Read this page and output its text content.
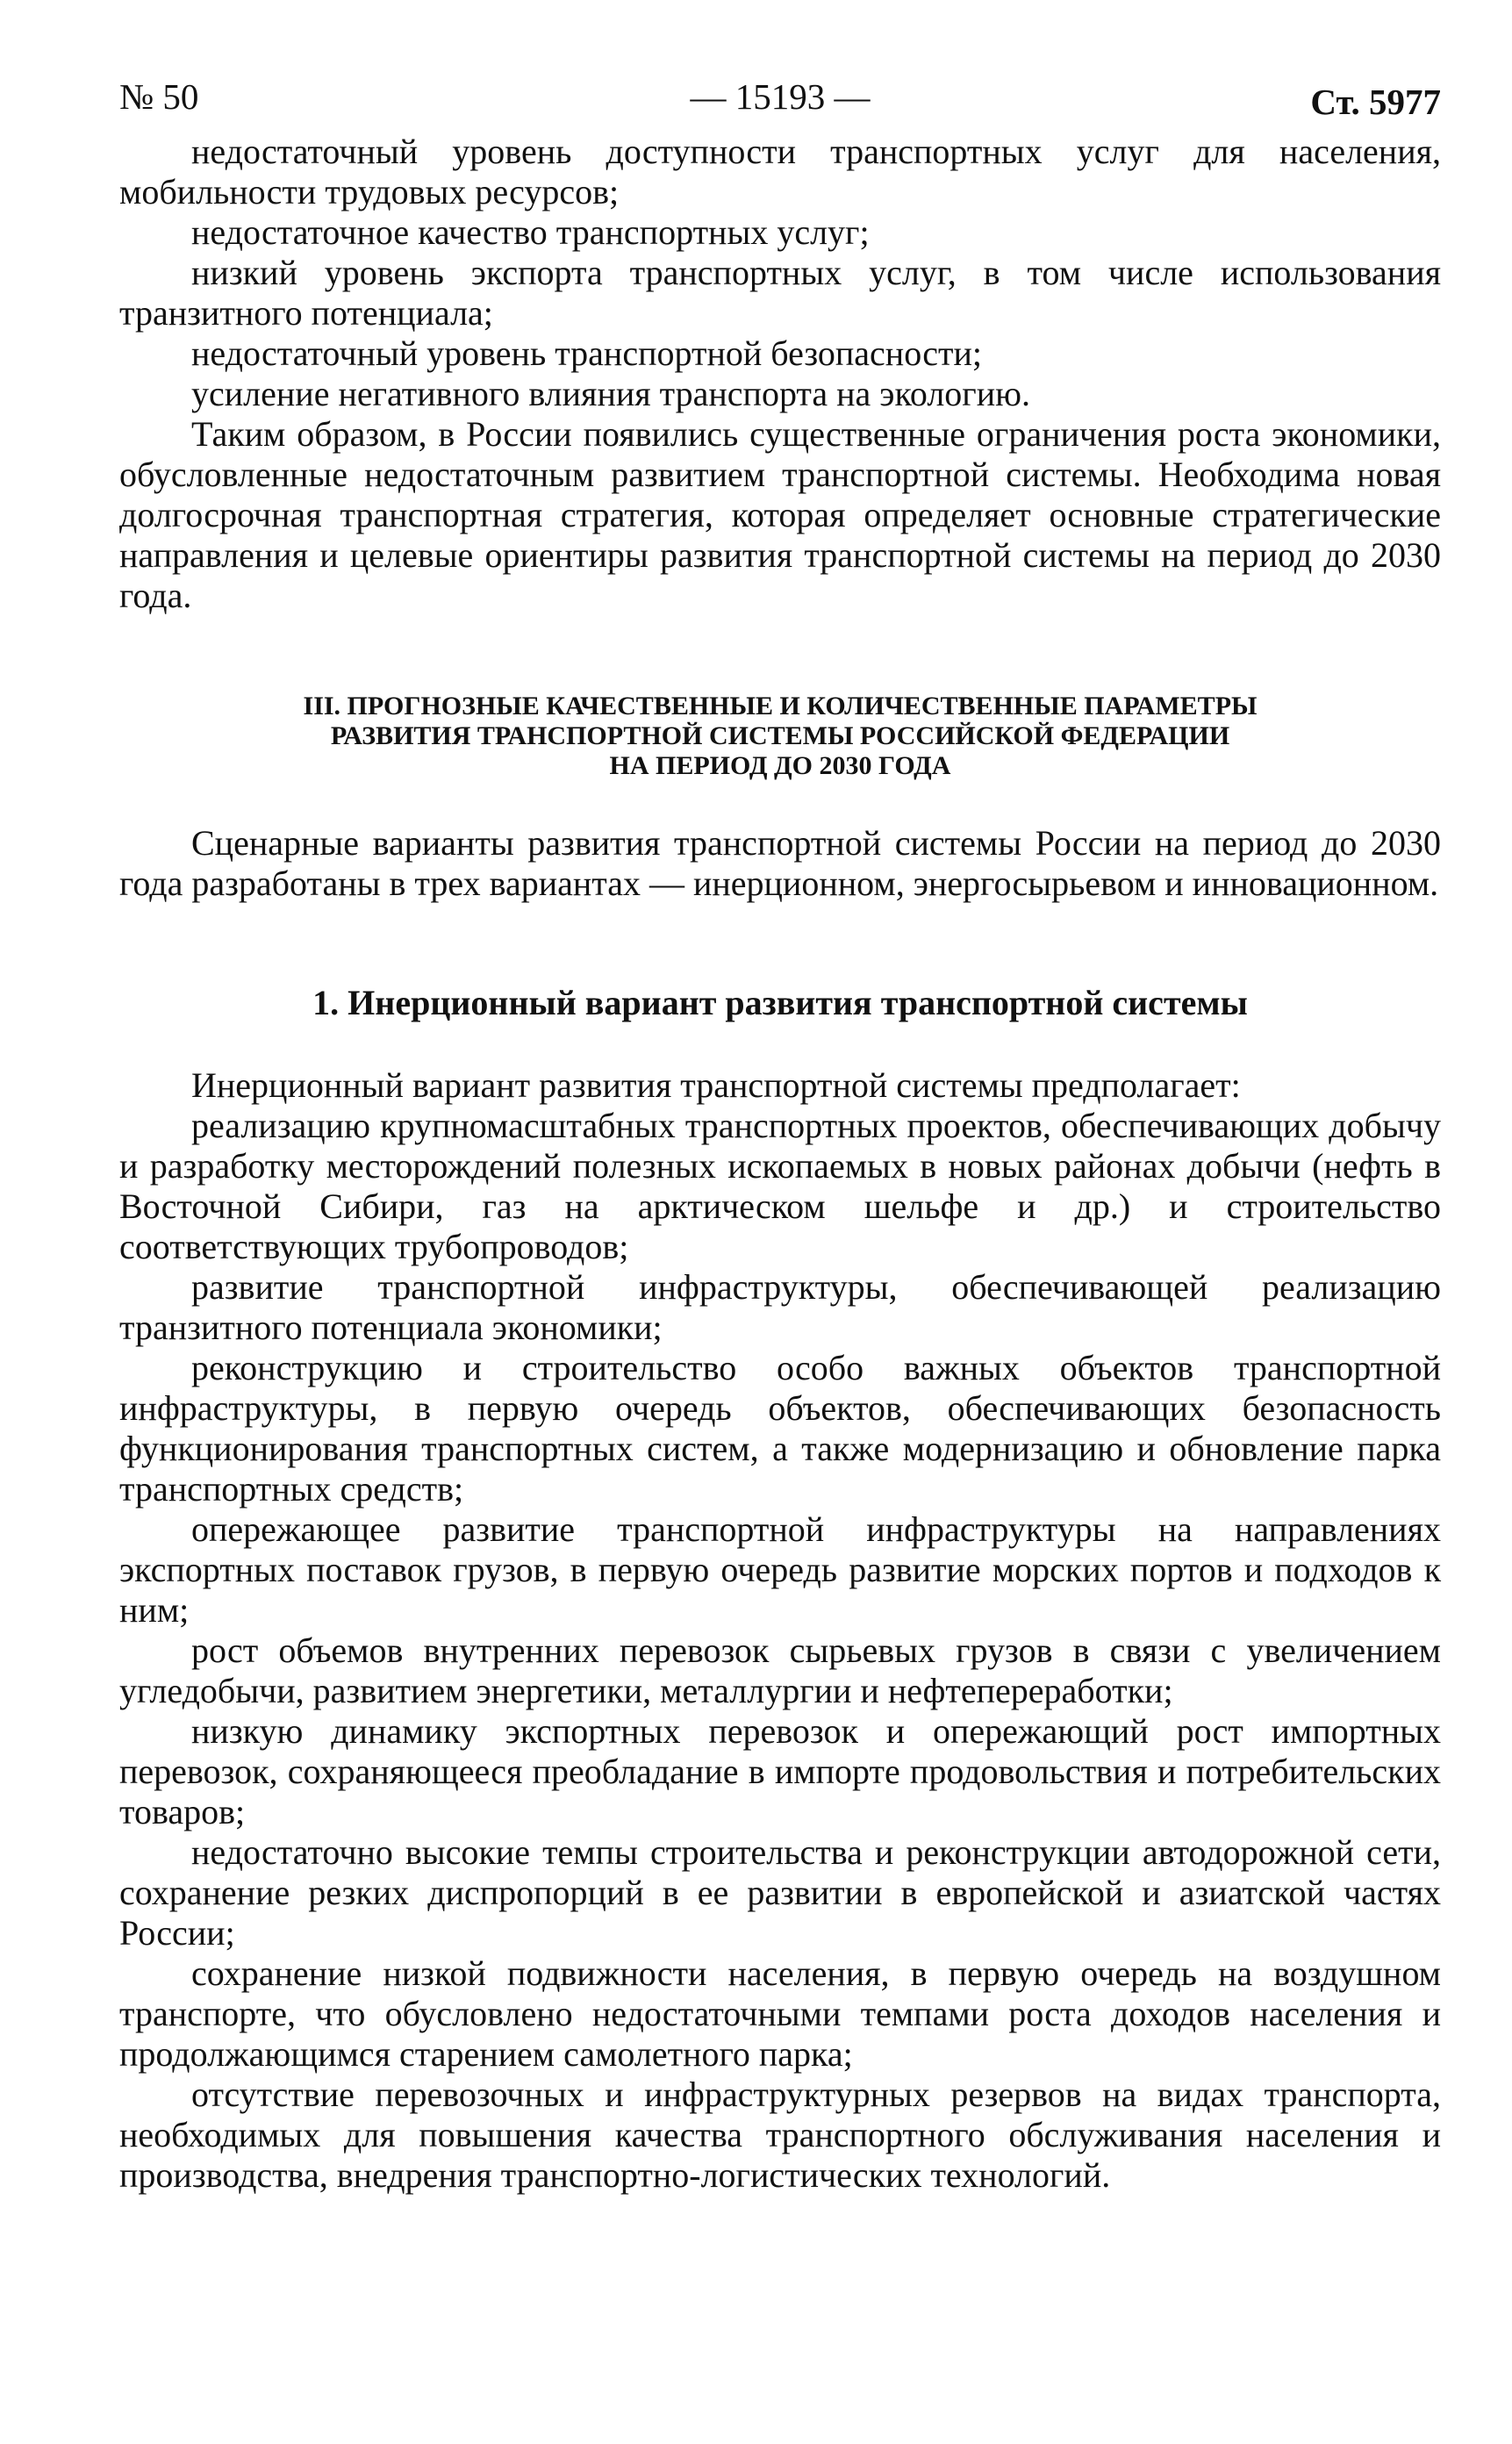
№ 50	— 15193 —	Ст. 5977

недостаточный уровень доступности транспортных услуг для населения, мобильности трудовых ресурсов;

недостаточное качество транспортных услуг;

низкий уровень экспорта транспортных услуг, в том числе использования транзитного потенциала;

недостаточный уровень транспортной безопасности;

усиление негативного влияния транспорта на экологию.

Таким образом, в России появились существенные ограничения роста экономики, обусловленные недостаточным развитием транспортной системы. Необходима новая долгосрочная транспортная стратегия, которая определяет основные стратегические направления и целевые ориентиры развития транспортной системы на период до 2030 года.

III. ПРОГНОЗНЫЕ КАЧЕСТВЕННЫЕ И КОЛИЧЕСТВЕННЫЕ ПАРАМЕТРЫ
РАЗВИТИЯ ТРАНСПОРТНОЙ СИСТЕМЫ РОССИЙСКОЙ ФЕДЕРАЦИИ
НА ПЕРИОД ДО 2030 ГОДА

Сценарные варианты развития транспортной системы России на период до 2030 года разработаны в трех вариантах — инерционном, энергосырьевом и инновационном.

1. Инерционный вариант развития транспортной системы

Инерционный вариант развития транспортной системы предполагает:

реализацию крупномасштабных транспортных проектов, обеспечивающих добычу и разработку месторождений полезных ископаемых в новых районах добычи (нефть в Восточной Сибири, газ на арктическом шельфе и др.) и строительство соответствующих трубопроводов;

развитие транспортной инфраструктуры, обеспечивающей реализацию транзитного потенциала экономики;

реконструкцию и строительство особо важных объектов транспортной инфраструктуры, в первую очередь объектов, обеспечивающих безопасность функционирования транспортных систем, а также модернизацию и обновление парка транспортных средств;

опережающее развитие транспортной инфраструктуры на направлениях экспортных поставок грузов, в первую очередь развитие морских портов и подходов к ним;

рост объемов внутренних перевозок сырьевых грузов в связи с увеличением угледобычи, развитием энергетики, металлургии и нефтепереработки;

низкую динамику экспортных перевозок и опережающий рост импортных перевозок, сохраняющееся преобладание в импорте продовольствия и потребительских товаров;

недостаточно высокие темпы строительства и реконструкции автодорожной сети, сохранение резких диспропорций в ее развитии в европейской и азиатской частях России;

сохранение низкой подвижности населения, в первую очередь на воздушном транспорте, что обусловлено недостаточными темпами роста доходов населения и продолжающимся старением самолетного парка;

отсутствие перевозочных и инфраструктурных резервов на видах транспорта, необходимых для повышения качества транспортного обслуживания населения и производства, внедрения транспортно-логистических технологий.
